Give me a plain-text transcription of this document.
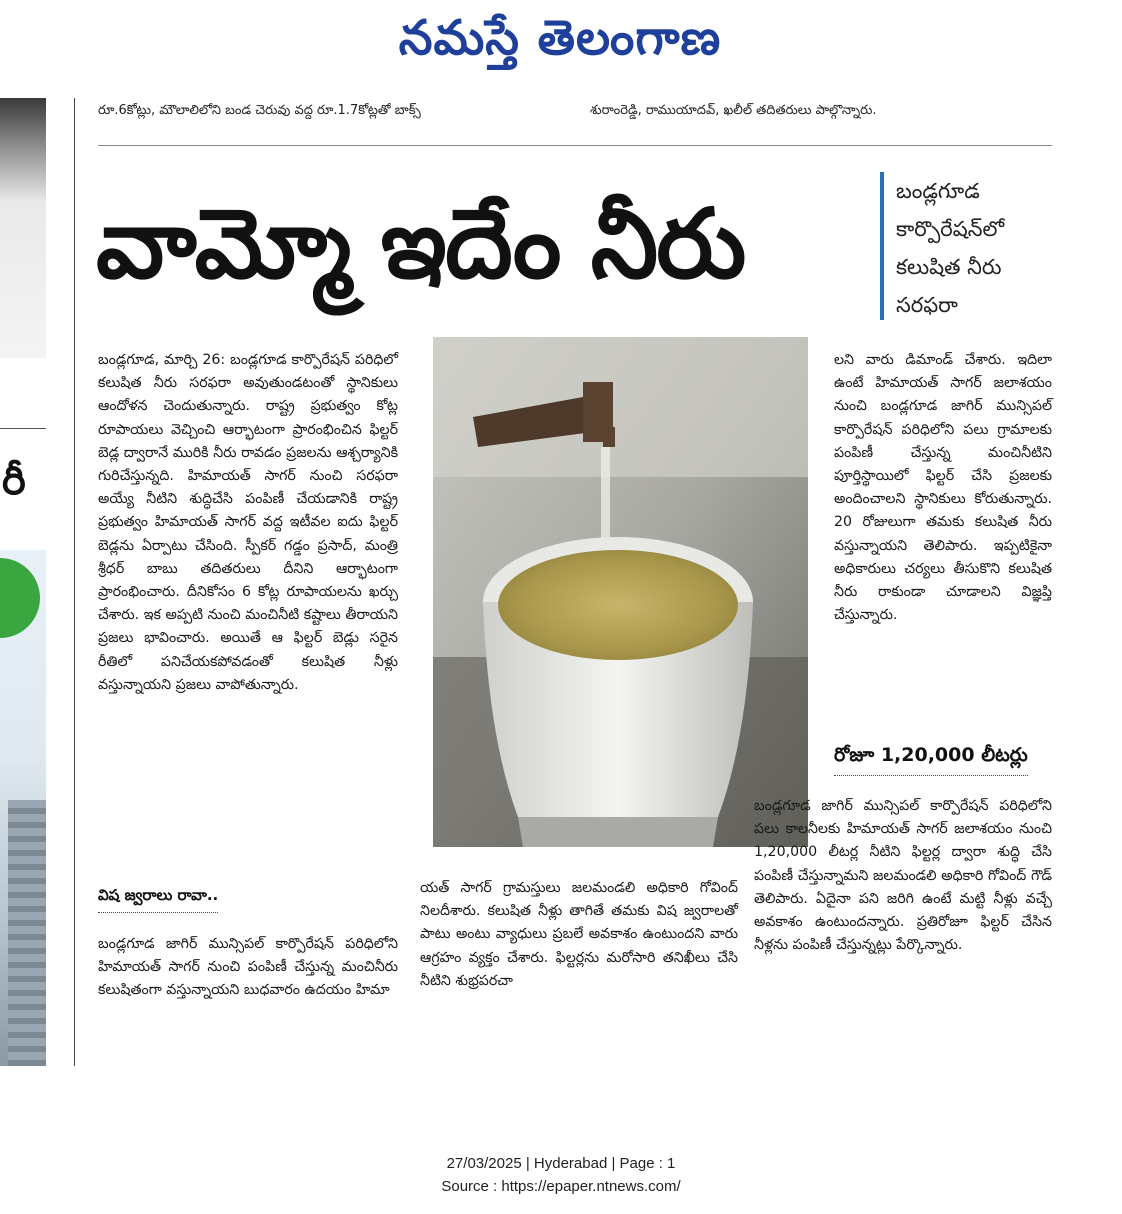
నమస్తే తెలంగాణ
రీ
రూ.6కోట్లు, మౌలాలిలోని బండ చెరువు వద్ద రూ.1.7కోట్లతో బాక్స్	శురాంరెడ్డి, రాముయాదవ్, ఖలీల్ తదితరులు పాల్గొన్నారు.
వామ్మో ఇదేం నీరు	బండ్లగూడ
కార్పొరేషన్‌లో
కలుషిత నీరు
సరఫరా

బండ్లగూడ, మార్చి 26: బండ్లగూడ కార్పొరేషన్ పరిధిలో కలుషిత నీరు సరఫరా అవుతుండటంతో స్థానికులు ఆందోళన చెందుతున్నారు. రాష్ట్ర ప్రభుత్వం కోట్ల రూపాయలు వెచ్చించి ఆర్భాటంగా ప్రారంభించిన ఫిల్టర్ బెడ్ల ద్వారానే మురికి నీరు రావడం ప్రజలను ఆశ్చర్యానికి గురిచేస్తున్నది. హిమాయత్ సాగర్ నుంచి సరఫరా అయ్యే నీటిని శుద్ధిచేసి పంపిణీ చేయడానికి రాష్ట్ర ప్రభుత్వం హిమాయత్ సాగర్ వద్ద ఇటీవల ఐదు ఫిల్టర్ బెడ్లను ఏర్పాటు చేసింది. స్పీకర్ గడ్డం ప్రసాద్, మంత్రి శ్రీధర్ బాబు తదితరులు దీనిని ఆర్భాటంగా ప్రారంభించారు. దీనికోసం 6 కోట్ల రూపాయలను ఖర్చు చేశారు. ఇక అప్పటి నుంచి మంచినీటి కష్టాలు తీరాయని ప్రజలు భావించారు. అయితే ఆ ఫిల్టర్ బెడ్లు సరైన రీతిలో పనిచేయకపోవడంతో కలుషిత నీళ్లు వస్తున్నాయని ప్రజలు వాపోతున్నారు.

విష జ్వరాలు రావా..

బండ్లగూడ జాగిర్ మున్సిపల్ కార్పొరేషన్ పరిధిలోని హిమాయత్ సాగర్ నుంచి పంపిణీ చేస్తున్న మంచినీరు కలుషితంగా వస్తున్నాయని బుధవారం ఉదయం హిమా

యత్ సాగర్ గ్రామస్తులు జలమండలి అధికారి గోవింద్ నిలదీశారు. కలుషిత నీళ్లు తాగితే తమకు విష జ్వరాలతో పాటు అంటు వ్యాధులు ప్రబలే అవకాశం ఉంటుందని వారు ఆగ్రహం వ్యక్తం చేశారు. ఫిల్టర్లను మరోసారి తనిఖీలు చేసి నీటిని శుభ్రపరచా

లని వారు డిమాండ్ చేశారు. ఇదిలా ఉంటే హిమాయత్ సాగర్ జలాశయం నుంచి బండ్లగూడ జాగిర్ మున్సిపల్ కార్పొరేషన్ పరిధిలోని పలు గ్రామాలకు పంపిణీ చేస్తున్న మంచినీటిని పూర్తిస్థాయిలో ఫిల్టర్ చేసి ప్రజలకు అందించాలని స్థానికులు కోరుతున్నారు. 20 రోజులుగా తమకు కలుషిత నీరు వస్తున్నాయని తెలిపారు. ఇప్పటికైనా అధికారులు చర్యలు తీసుకొని కలుషిత నీరు రాకుండా చూడాలని విజ్ఞప్తి చేస్తున్నారు.

రోజూ 1,20,000 లీటర్లు

బండ్లగూడ జాగిర్ మున్సిపల్ కార్పొరేషన్ పరిధిలోని పలు కాలనీలకు హిమాయత్ సాగర్ జలాశయం నుంచి 1,20,000 లీటర్ల నీటిని ఫిల్టర్ల ద్వారా శుద్ధి చేసి పంపిణీ చేస్తున్నామని జలమండలి అధికారి గోవింద్ గౌడ్ తెలిపారు. ఏదైనా పని జరిగి ఉంటే మట్టి నీళ్లు వచ్చే అవకాశం ఉంటుందన్నారు. ప్రతిరోజూ ఫిల్టర్ చేసిన నీళ్లను పంపిణీ చేస్తున్నట్లు పేర్కొన్నారు.

27/03/2025 | Hyderabad | Page : 1
Source : https://epaper.ntnews.com/
